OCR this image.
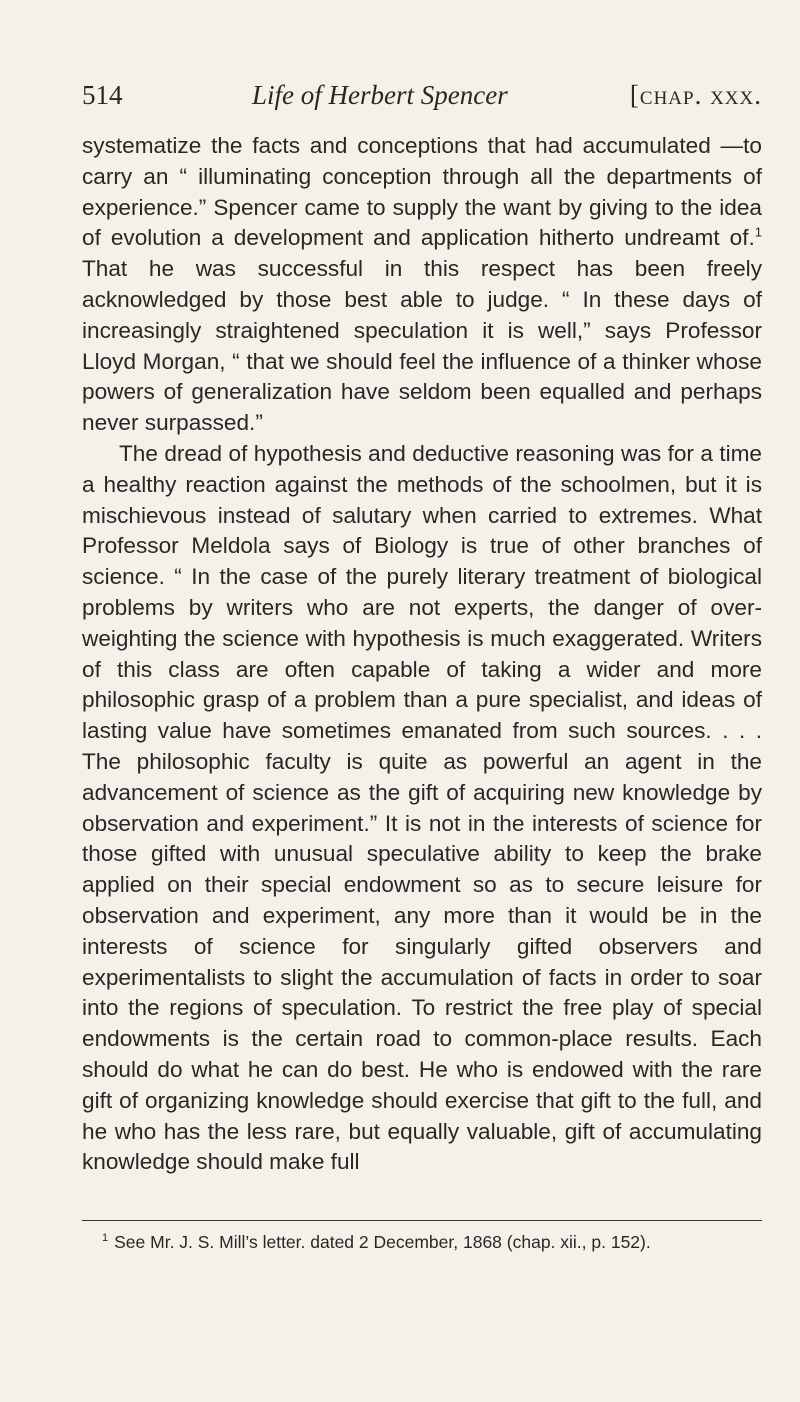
514	Life of Herbert Spencer	[chap. xxx.

systematize the facts and conceptions that had accumulated —to carry an “ illuminating conception through all the departments of experience.” Spencer came to supply the want by giving to the idea of evolution a development and application hitherto undreamt of.$^1$ That he was successful in this respect has been freely acknowledged by those best able to judge. “ In these days of increasingly straightened speculation it is well,” says Professor Lloyd Morgan, “ that we should feel the influence of a thinker whose powers of generalization have seldom been equalled and perhaps never surpassed.”

The dread of hypothesis and deductive reasoning was for a time a healthy reaction against the methods of the schoolmen, but it is mischievous instead of salutary when carried to extremes. What Professor Meldola says of Biology is true of other branches of science. “ In the case of the purely literary treatment of biological problems by writers who are not experts, the danger of over-weighting the science with hypothesis is much exaggerated. Writers of this class are often capable of taking a wider and more philosophic grasp of a problem than a pure specialist, and ideas of lasting value have sometimes emanated from such sources. . . . The philosophic faculty is quite as powerful an agent in the advancement of science as the gift of acquiring new knowledge by observation and experiment.” It is not in the interests of science for those gifted with unusual speculative ability to keep the brake applied on their special endowment so as to secure leisure for observation and experiment, any more than it would be in the interests of science for singularly gifted observers and experimentalists to slight the accumulation of facts in order to soar into the regions of speculation. To restrict the free play of special endowments is the certain road to common-place results. Each should do what he can do best. He who is endowed with the rare gift of organizing knowledge should exercise that gift to the full, and he who has the less rare, but equally valuable, gift of accumulating knowledge should make full

$^1$ See Mr. J. S. Mill’s letter. dated 2 December, 1868 (chap. xii., p. 152).
